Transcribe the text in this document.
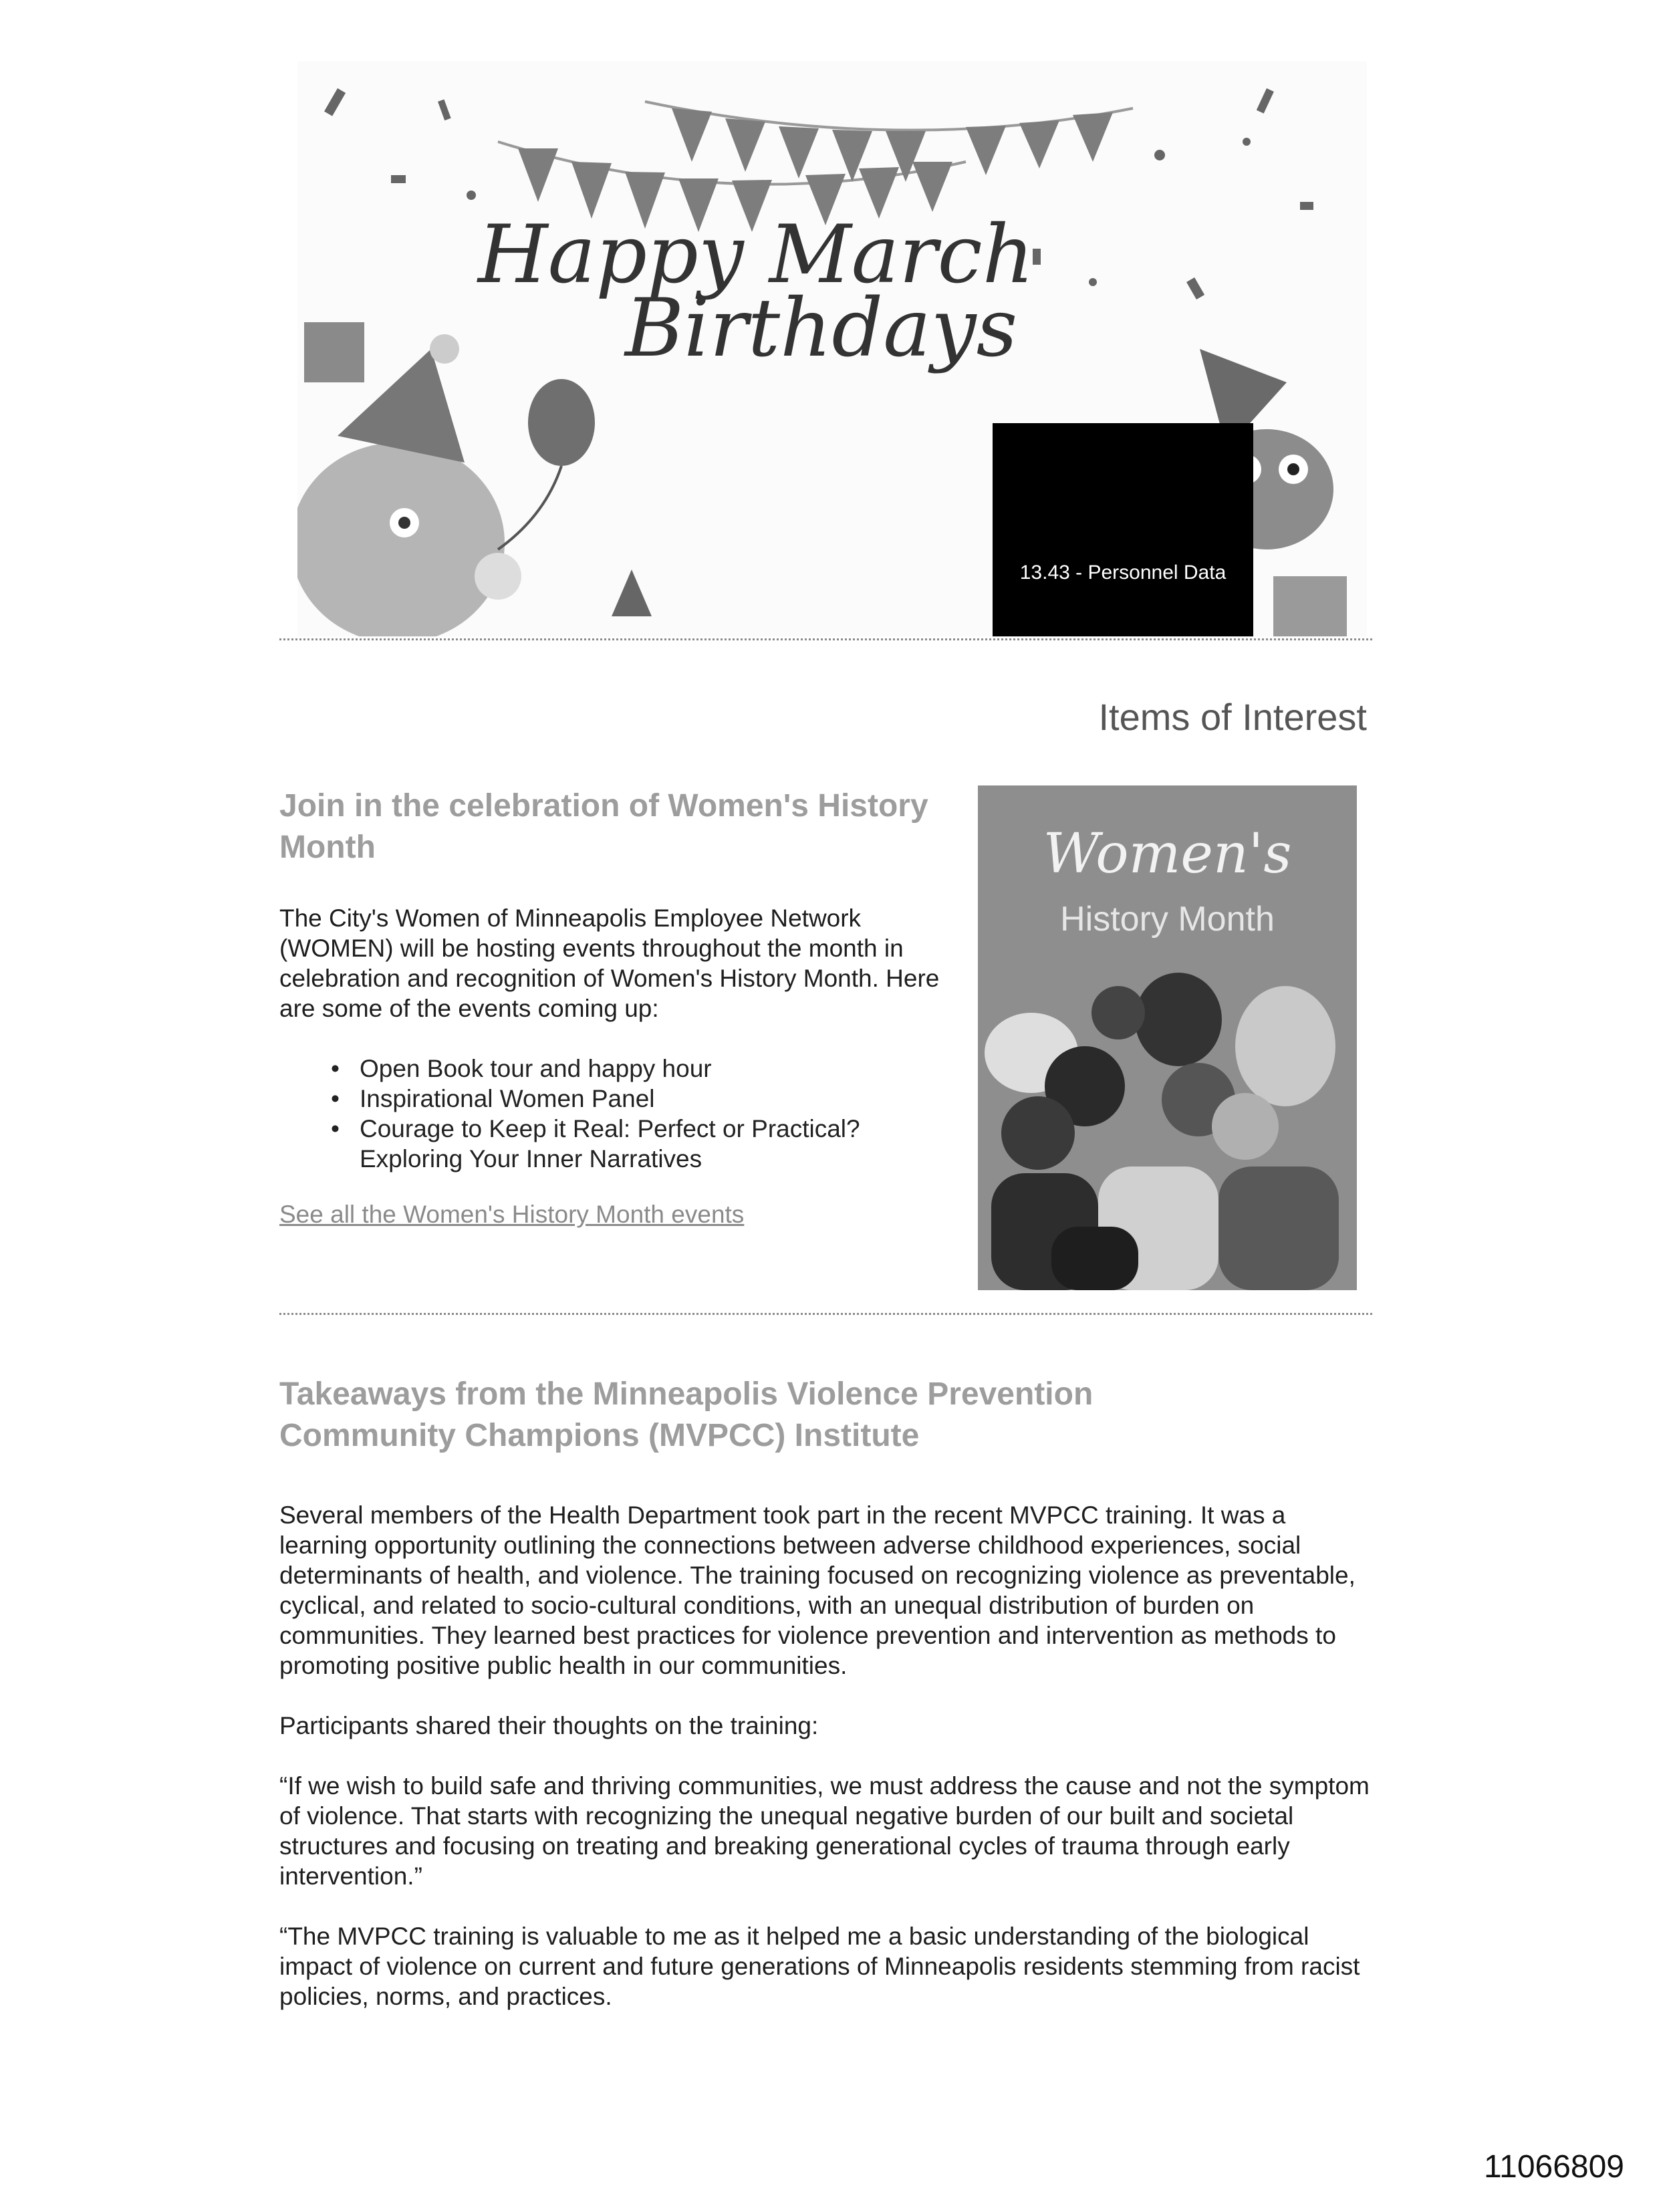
Happy March
Birthdays
13.43 - Personnel Data
Items of Interest
Join in the celebration of Women's History Month

The City's Women of Minneapolis Employee Network (WOMEN) will be hosting events throughout the month in celebration and recognition of Women's History Month. Here are some of the events coming up:

• Open Book tour and happy hour
• Inspirational Women Panel
• Courage to Keep it Real: Perfect or Practical? Exploring Your Inner Narratives
See all the Women's History Month events
Women's
History Month
Takeaways from the Minneapolis Violence Prevention Community Champions (MVPCC) Institute

Several members of the Health Department took part in the recent MVPCC training. It was a learning opportunity outlining the connections between adverse childhood experiences, social determinants of health, and violence. The training focused on recognizing violence as preventable, cyclical, and related to socio-cultural conditions, with an unequal distribution of burden on communities. They learned best practices for violence prevention and intervention as methods to promoting positive public health in our communities.

Participants shared their thoughts on the training:

“If we wish to build safe and thriving communities, we must address the cause and not the symptom of violence. That starts with recognizing the unequal negative burden of our built and societal structures and focusing on treating and breaking generational cycles of trauma through early intervention.”

“The MVPCC training is valuable to me as it helped me a basic understanding of the biological impact of violence on current and future generations of Minneapolis residents stemming from racist policies, norms, and practices.

11066809
